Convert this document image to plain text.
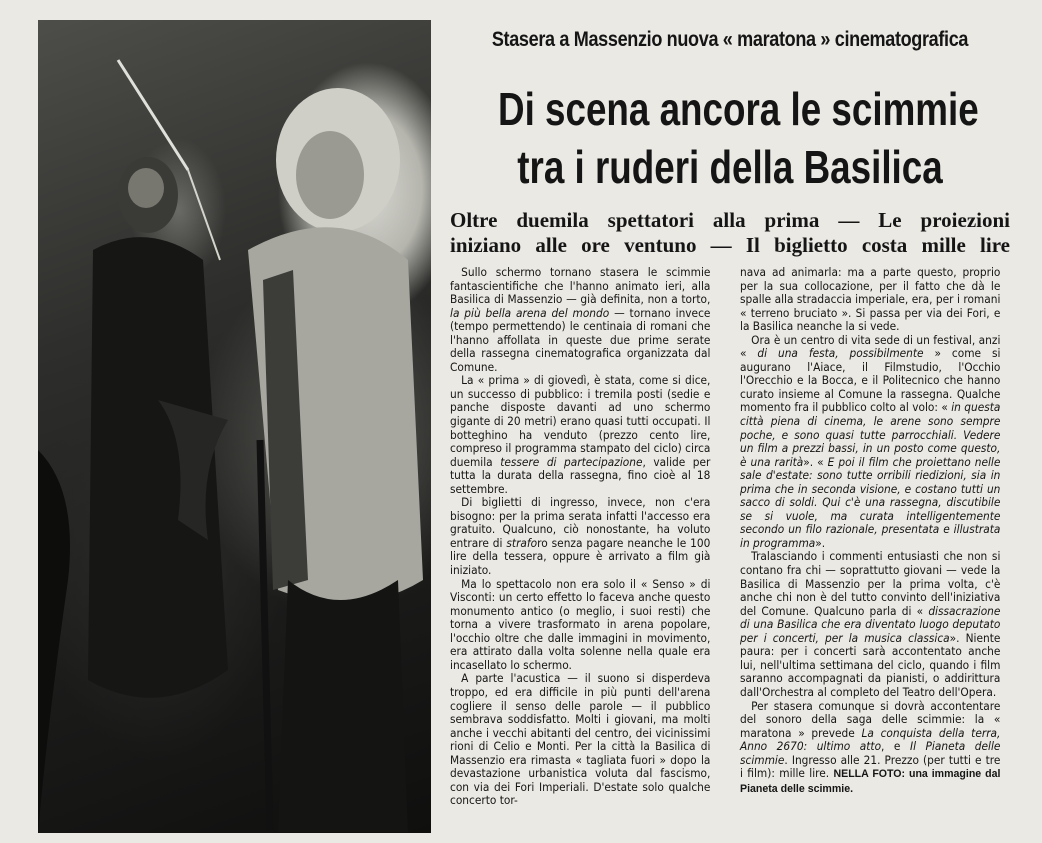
Stasera a Massenzio nuova « maratona » cinematografica
Di scena ancora le scimmie
tra i ruderi della Basilica
Oltre duemila spettatori alla prima — Le proiezioni
iniziano alle ore ventuno — Il biglietto costa mille lire

Sullo schermo tornano stasera le scimmie fantascientifiche che l'hanno animato ieri, alla Basilica di Massenzio — già definita, non a torto, la più bella arena del mondo — tornano invece (tempo permettendo) le centinaia di romani che l'hanno affollata in queste due prime serate della rassegna cinematografica organizzata dal Comune.

La « prima » di giovedì, è stata, come si dice, un successo di pubblico: i tremila posti (sedie e panche disposte davanti ad uno schermo gigante di 20 metri) erano quasi tutti occupati. Il botteghino ha venduto (prezzo cento lire, compreso il programma stampato del ciclo) circa duemila tessere di partecipazione, valide per tutta la durata della rassegna, fino cioè al 18 settembre.

Di biglietti di ingresso, invece, non c'era bisogno: per la prima serata infatti l'accesso era gratuito. Qualcuno, ciò nonostante, ha voluto entrare di straforo senza pagare neanche le 100 lire della tessera, oppure è arrivato a film già iniziato.

Ma lo spettacolo non era solo il « Senso » di Visconti: un certo effetto lo faceva anche questo monumento antico (o meglio, i suoi resti) che torna a vivere trasformato in arena popolare, l'occhio oltre che dalle immagini in movimento, era attirato dalla volta solenne nella quale era incasellato lo schermo.

A parte l'acustica — il suono si disperdeva troppo, ed era difficile in più punti dell'arena cogliere il senso delle parole — il pubblico sembrava soddisfatto. Molti i giovani, ma molti anche i vecchi abitanti del centro, dei vicinissimi rioni di Celio e Monti. Per la città la Basilica di Massenzio era rimasta « tagliata fuori » dopo la devastazione urbanistica voluta dal fascismo, con via dei Fori Imperiali. D'estate solo qualche concerto tor-

nava ad animarla: ma a parte questo, proprio per la sua collocazione, per il fatto che dà le spalle alla stradaccia imperiale, era, per i romani « terreno bruciato ». Si passa per via dei Fori, e la Basilica neanche la si vede.

Ora è un centro di vita sede di un festival, anzi « di una festa, possibilmente » come si augurano l'Aiace, il Filmstudio, l'Occhio l'Orecchio e la Bocca, e il Politecnico che hanno curato insieme al Comune la rassegna. Qualche momento fra il pubblico colto al volo: « in questa città piena di cinema, le arene sono sempre poche, e sono quasi tutte parrocchiali. Vedere un film a prezzi bassi, in un posto come questo, è una rarità». « E poi il film che proiettano nelle sale d'estate: sono tutte orribili riedizioni, sia in prima che in seconda visione, e costano tutti un sacco di soldi. Qui c'è una rassegna, discutibile se si vuole, ma curata intelligentemente secondo un filo razionale, presentata e illustrata in programma».

Tralasciando i commenti entusiasti che non si contano fra chi — soprattutto giovani — vede la Basilica di Massenzio per la prima volta, c'è anche chi non è del tutto convinto dell'iniziativa del Comune. Qualcuno parla di « dissacrazione di una Basilica che era diventato luogo deputato per i concerti, per la musica classica». Niente paura: per i concerti sarà accontentato anche lui, nell'ultima settimana del ciclo, quando i film saranno accompagnati da pianisti, o addirittura dall'Orchestra al completo del Teatro dell'Opera.

Per stasera comunque si dovrà accontentare del sonoro della saga delle scimmie: la « maratona » prevede La conquista della terra, Anno 2670: ultimo atto, e Il Pianeta delle scimmie. Ingresso alle 21. Prezzo (per tutti e tre i film): mille lire. NELLA FOTO: una immagine dal Pianeta delle scimmie.
